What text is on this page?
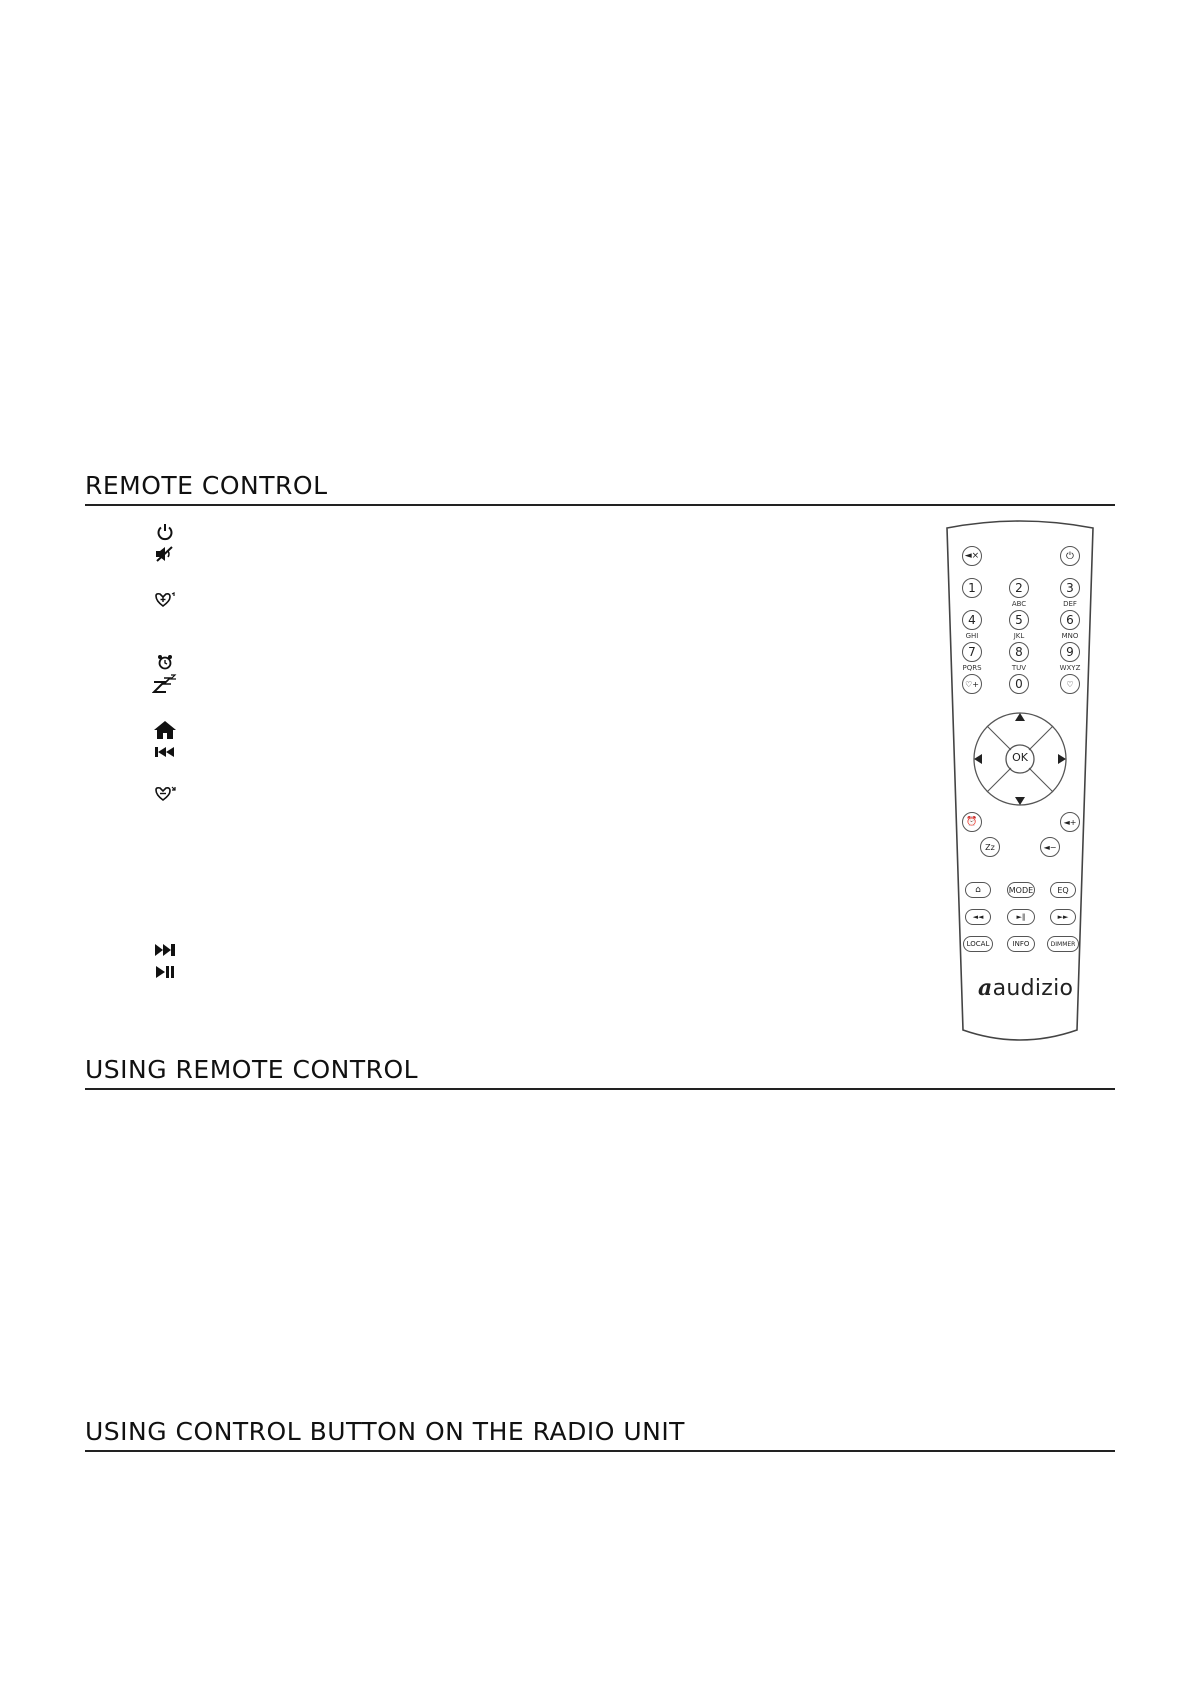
REMOTE CONTROL
◄×	⏻
1	2	3
ABC	DEF
4	5	6
GHI	JKL	MNO
7	8	9
PQRS	TUV	WXYZ
♡+	0	♡
OK
⏰	◄+
Zz	◄−
⌂	MODE	EQ
◄◄	►‖	►►
LOCAL	INFO	DIMMER
aaudizio
USING REMOTE CONTROL
USING CONTROL BUTTON ON THE RADIO UNIT
